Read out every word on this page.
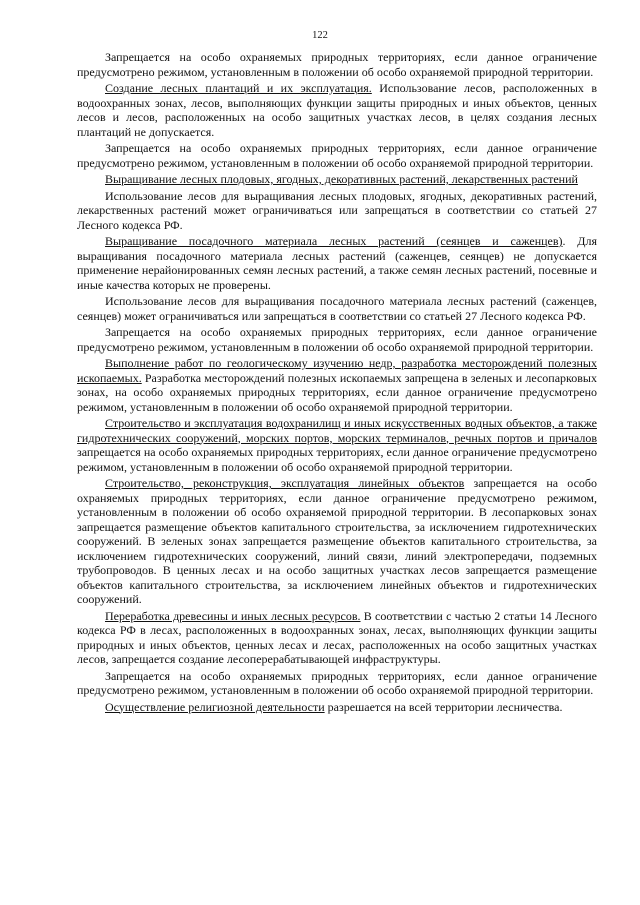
122

Запрещается на особо охраняемых природных территориях, если данное ограничение предусмотрено режимом, установленным в положении об особо охраняемой природной территории.

Создание лесных плантаций и их эксплуатация. Использование лесов, расположенных в водоохранных зонах, лесов, выполняющих функции защиты природных и иных объектов, ценных лесов и лесов, расположенных на особо защитных участках лесов, в целях создания лесных плантаций не допускается.

Запрещается на особо охраняемых природных территориях, если данное ограничение предусмотрено режимом, установленным в положении об особо охраняемой природной территории.

Выращивание лесных плодовых, ягодных, декоративных растений, лекарственных растений

Использование лесов для выращивания лесных плодовых, ягодных, декоративных растений, лекарственных растений может ограничиваться или запрещаться в соответствии со статьей 27 Лесного кодекса РФ.

Выращивание посадочного материала лесных растений (сеянцев и саженцев). Для выращивания посадочного материала лесных растений (саженцев, сеянцев) не допускается применение нерайонированных семян лесных растений, а также семян лесных растений, посевные и иные качества которых не проверены.

Использование лесов для выращивания посадочного материала лесных растений (саженцев, сеянцев) может ограничиваться или запрещаться в соответствии со статьей 27 Лесного кодекса РФ.

Запрещается на особо охраняемых природных территориях, если данное ограничение предусмотрено режимом, установленным в положении об особо охраняемой природной территории.

Выполнение работ по геологическому изучению недр, разработка месторождений полезных ископаемых. Разработка месторождений полезных ископаемых запрещена в зеленых и лесопарковых зонах, на особо охраняемых природных территориях, если данное ограничение предусмотрено режимом, установленным в положении об особо охраняемой природной территории.

Строительство и эксплуатация водохранилищ и иных искусственных водных объектов, а также гидротехнических сооружений, морских портов, морских терминалов, речных портов и причалов запрещается на особо охраняемых природных территориях, если данное ограничение предусмотрено режимом, установленным в положении об особо охраняемой природной территории.

Строительство, реконструкция, эксплуатация линейных объектов запрещается на особо охраняемых природных территориях, если данное ограничение предусмотрено режимом, установленным в положении об особо охраняемой природной территории. В лесопарковых зонах запрещается размещение объектов капитального строительства, за исключением гидротехнических сооружений. В зеленых зонах запрещается размещение объектов капитального строительства, за исключением гидротехнических сооружений, линий связи, линий электропередачи, подземных трубопроводов. В ценных лесах и на особо защитных участках лесов запрещается размещение объектов капитального строительства, за исключением линейных объектов и гидротехнических сооружений.

Переработка древесины и иных лесных ресурсов. В соответствии с частью 2 статьи 14 Лесного кодекса РФ в лесах, расположенных в водоохранных зонах, лесах, выполняющих функции защиты природных и иных объектов, ценных лесах и лесах, расположенных на особо защитных участках лесов, запрещается создание лесоперерабатывающей инфраструктуры.

Запрещается на особо охраняемых природных территориях, если данное ограничение предусмотрено режимом, установленным в положении об особо охраняемой природной территории.

Осуществление религиозной деятельности разрешается на всей территории лесничества.
